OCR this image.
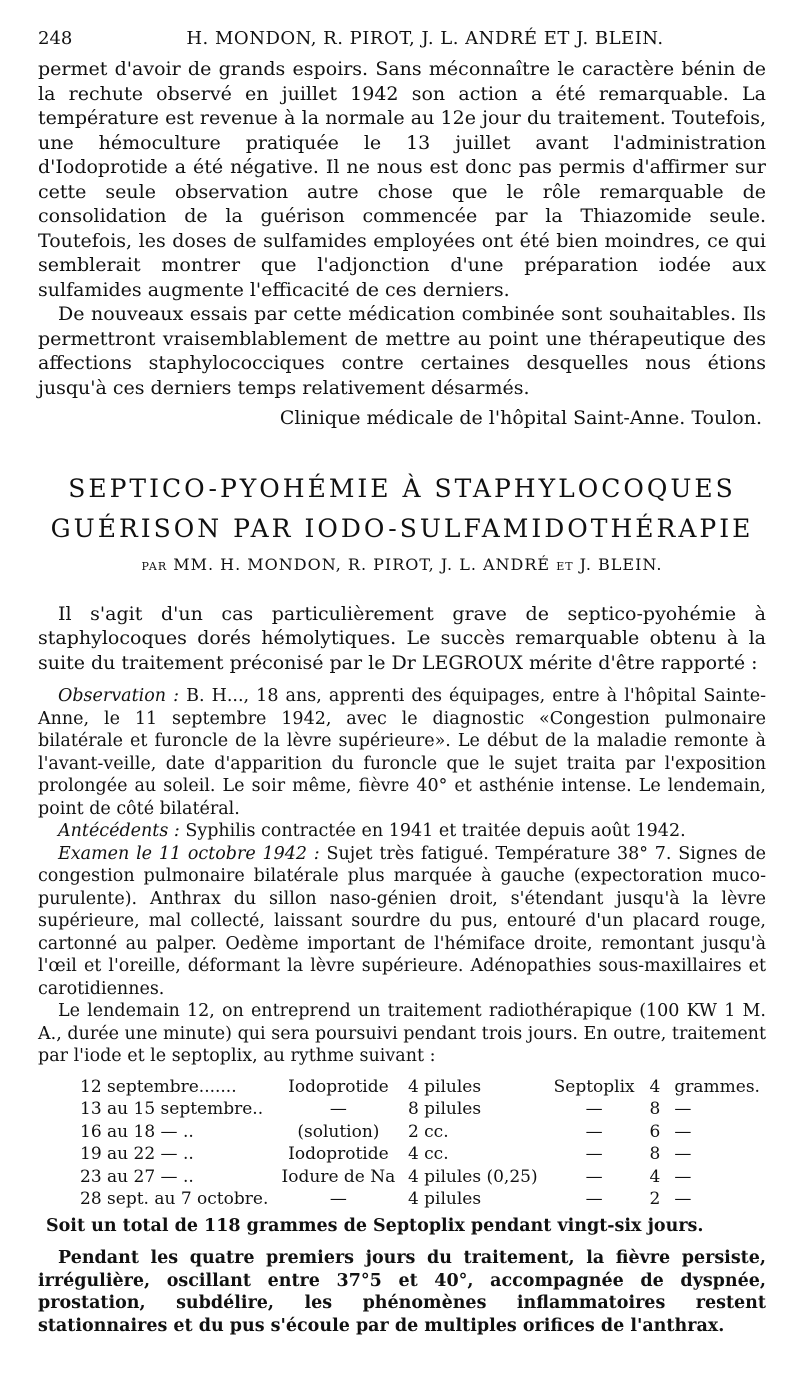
248	H. MONDON, R. PIROT, J. L. ANDRÉ ET J. BLEIN.

permet d'avoir de grands espoirs. Sans méconnaître le caractère bénin de la rechute observé en juillet 1942 son action a été remarquable. La température est revenue à la normale au 12e jour du traitement. Toutefois, une hémoculture pratiquée le 13 juillet avant l'administration d'Iodoprotide a été négative. Il ne nous est donc pas permis d'affirmer sur cette seule observation autre chose que le rôle remarquable de consolidation de la guérison commencée par la Thiazomide seule. Toutefois, les doses de sulfamides employées ont été bien moindres, ce qui semblerait montrer que l'adjonction d'une préparation iodée aux sulfamides augmente l'efficacité de ces derniers.

De nouveaux essais par cette médication combinée sont souhaitables. Ils permettront vraisemblablement de mettre au point une thérapeutique des affections staphylococciques contre certaines desquelles nous étions jusqu'à ces derniers temps relativement désarmés.

Clinique médicale de l'hôpital Saint-Anne. Toulon.

SEPTICO-PYOHÉMIE À STAPHYLOCOQUES
GUÉRISON PAR IODO-SULFAMIDOTHÉRAPIE
PAR MM. H. MONDON, R. PIROT, J. L. ANDRÉ ET J. BLEIN.

Il s'agit d'un cas particulièrement grave de septico-pyohémie à staphylocoques dorés hémolytiques. Le succès remarquable obtenu à la suite du traitement préconisé par le Dr LEGROUX mérite d'être rapporté :

Observation : B. H..., 18 ans, apprenti des équipages, entre à l'hôpital Sainte-Anne, le 11 septembre 1942, avec le diagnostic «Congestion pulmonaire bilatérale et furoncle de la lèvre supérieure». Le début de la maladie remonte à l'avant-veille, date d'apparition du furoncle que le sujet traita par l'exposition prolongée au soleil. Le soir même, fièvre 40° et asthénie intense. Le lendemain, point de côté bilatéral.

Antécédents : Syphilis contractée en 1941 et traitée depuis août 1942.

Examen le 11 octobre 1942 : Sujet très fatigué. Température 38° 7. Signes de congestion pulmonaire bilatérale plus marquée à gauche (expectoration muco-purulente). Anthrax du sillon naso-génien droit, s'étendant jusqu'à la lèvre supérieure, mal collecté, laissant sourdre du pus, entouré d'un placard rouge, cartonné au palper. Oedème important de l'hémiface droite, remontant jusqu'à l'œil et l'oreille, déformant la lèvre supérieure. Adénopathies sous-maxillaires et carotidiennes.

Le lendemain 12, on entreprend un traitement radiothérapique (100 KW 1 M. A., durée une minute) qui sera poursuivi pendant trois jours. En outre, traitement par l'iode et le septoplix, au rythme suivant :

12 septembre.......	Iodoprotide	4 pilules	Septoplix	4	grammes.
13 au 15 septembre..	—	8 pilules	—	8	—
16 au 18 — ..	(solution)	2 cc.	—	6	—
19 au 22 — ..	Iodoprotide	4 cc.	—	8	—
23 au 27 — ..	Iodure de Na	4 pilules (0,25)	—	4	—
28 sept. au 7 octobre.	—	4 pilules	—	2	—

Soit un total de 118 grammes de Septoplix pendant vingt-six jours.

Pendant les quatre premiers jours du traitement, la fièvre persiste, irrégulière, oscillant entre 37°5 et 40°, accompagnée de dyspnée, prostation, subdélire, les phénomènes inflammatoires restent stationnaires et du pus s'écoule par de multiples orifices de l'anthrax.
